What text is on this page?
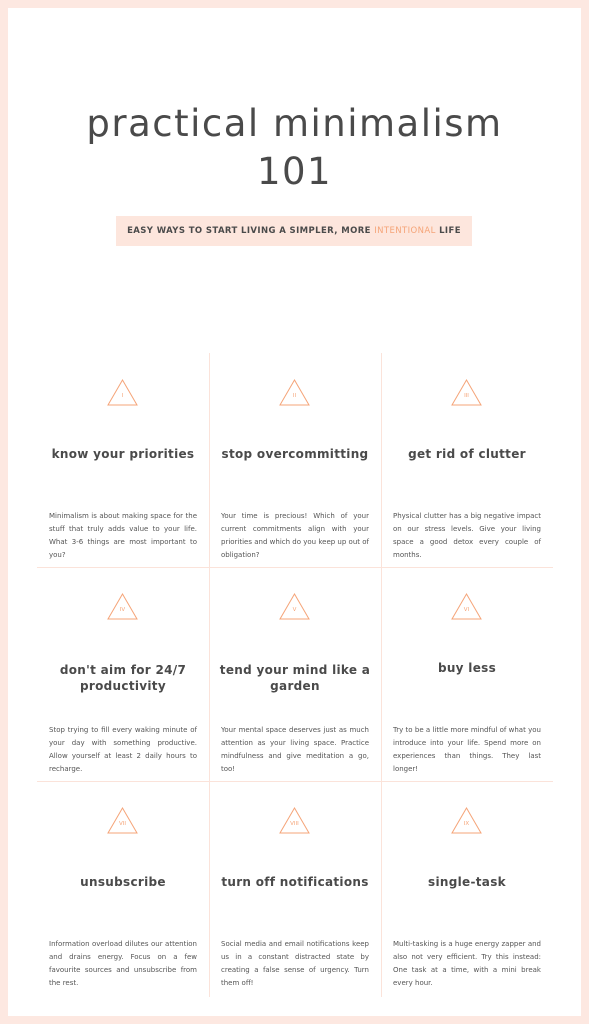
practical minimalism
101
EASY WAYS TO START LIVING A SIMPLER, MORE INTENTIONAL LIFE
I
know your priorities
Minimalism is about making space for the stuff that truly adds value to your life. What 3-6 things are most important to you?
II
stop overcommitting
Your time is precious! Which of your current commitments align with your priorities and which do you keep up out of obligation?
III
get rid of clutter
Physical clutter has a big negative impact on our stress levels. Give your living space a good detox every couple of months.
IV
don't aim for 24/7 productivity
Stop trying to fill every waking minute of your day with something productive. Allow yourself at least 2 daily hours to recharge.
V
tend your mind like a garden
Your mental space deserves just as much attention as your living space. Practice mindfulness and give meditation a go, too!
VI
buy less
Try to be a little more mindful of what you introduce into your life. Spend more on experiences than things. They last longer!
VII
unsubscribe
Information overload dilutes our attention and drains energy. Focus on a few favourite sources and unsubscribe from the rest.
VIII
turn off notifications
Social media and email notifications keep us in a constant distracted state by creating a false sense of urgency. Turn them off!
IX
single-task
Multi-tasking is a huge energy zapper and also not very efficient. Try this instead: One task at a time, with a mini break every hour.
